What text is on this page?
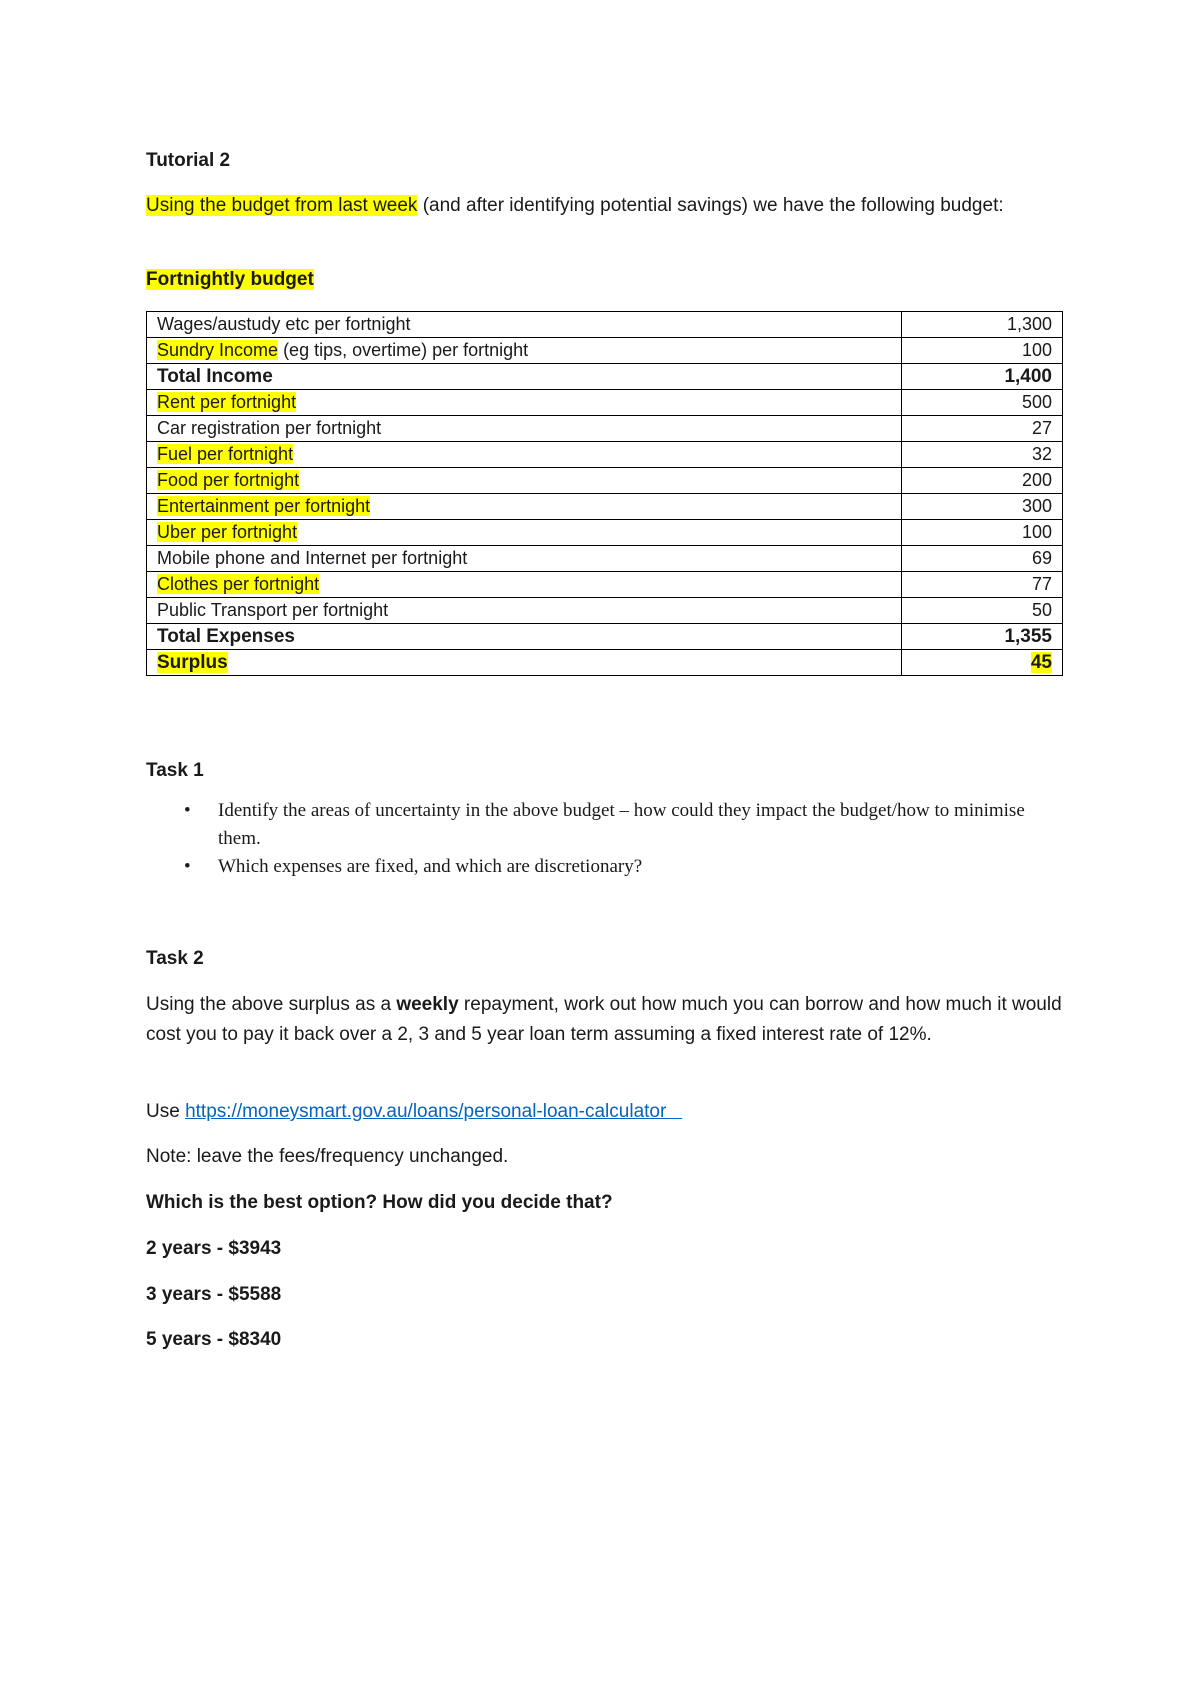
Tutorial 2
Using the budget from last week (and after identifying potential savings) we have the following budget:
Fortnightly budget
Wages/austudy etc per fortnight	1,300
Sundry Income (eg tips, overtime) per fortnight	100
Total Income	1,400
Rent per fortnight	500
Car registration per fortnight	27
Fuel per fortnight	32
Food per fortnight	200
Entertainment per fortnight	300
Uber per fortnight	100
Mobile phone and Internet per fortnight	69
Clothes per fortnight	77
Public Transport per fortnight	50
Total Expenses	1,355
Surplus	45
Task 1
• Identify the areas of uncertainty in the above budget – how could they impact the budget/how to minimise them.
• Which expenses are fixed, and which are discretionary?
Task 2
Using the above surplus as a weekly repayment, work out how much you can borrow and how much it would cost you to pay it back over a 2, 3 and 5 year loan term assuming a fixed interest rate of 12%.
Use https://moneysmart.gov.au/loans/personal-loan-calculator
Note: leave the fees/frequency unchanged.
Which is the best option? How did you decide that?
2 years - $3943
3 years - $5588
5 years - $8340
